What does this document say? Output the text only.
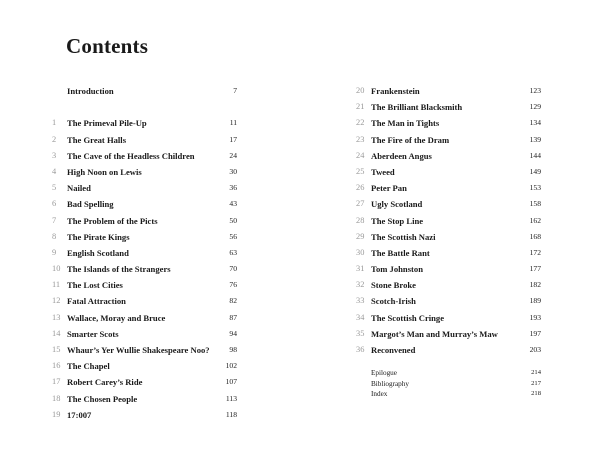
Contents
Introduction	7
1 The Primeval Pile-Up	11
2 The Great Halls	17
3 The Cave of the Headless Children	24
4 High Noon on Lewis	30
5 Nailed	36
6 Bad Spelling	43
7 The Problem of the Picts	50
8 The Pirate Kings	56
9 English Scotland	63
10 The Islands of the Strangers	70
11 The Lost Cities	76
12 Fatal Attraction	82
13 Wallace, Moray and Bruce	87
14 Smarter Scots	94
15 Whaur’s Yer Wullie Shakespeare Noo?	98
16 The Chapel	102
17 Robert Carey’s Ride	107
18 The Chosen People	113
19 17:007	118
20 Frankenstein	123
21 The Brilliant Blacksmith	129
22 The Man in Tights	134
23 The Fire of the Dram	139
24 Aberdeen Angus	144
25 Tweed	149
26 Peter Pan	153
27 Ugly Scotland	158
28 The Stop Line	162
29 The Scottish Nazi	168
30 The Battle Rant	172
31 Tom Johnston	177
32 Stone Broke	182
33 Scotch-Irish	189
34 The Scottish Cringe	193
35 Margot’s Man and Murray’s Maw	197
36 Reconvened	203
Epilogue	214
Bibliography	217
Index	218
